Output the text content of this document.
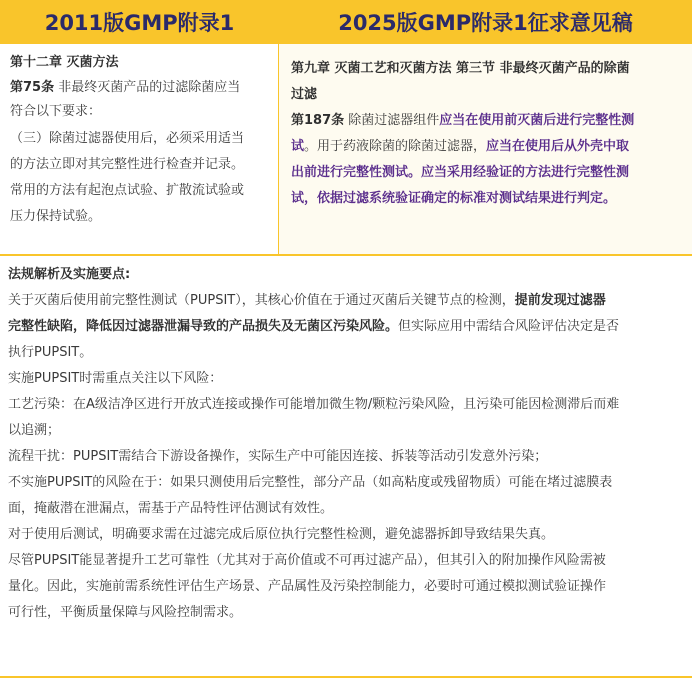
2011版GMP附录1	2025版GMP附录1征求意见稿

第十二章 灭菌方法

第75条 非最终灭菌产品的过滤除菌应当

符合以下要求：

（三）除菌过滤器使用后，必须采用适当

的方法立即对其完整性进行检查并记录。

常用的方法有起泡点试验、扩散流试验或

压力保持试验。

第九章 灭菌工艺和灭菌方法 第三节 非最终灭菌产品的除菌

过滤

第187条 除菌过滤器组件应当在使用前灭菌后进行完整性测

试。用于药液除菌的除菌过滤器，应当在使用后从外壳中取

出前进行完整性测试。应当采用经验证的方法进行完整性测

试，依据过滤系统验证确定的标准对测试结果进行判定。

法规解析及实施要点:

关于灭菌后使用前完整性测试（PUPSIT），其核心价值在于通过灭菌后关键节点的检测，提前发现过滤器

完整性缺陷，降低因过滤器泄漏导致的产品损失及无菌区污染风险。但实际应用中需结合风险评估决定是否

执行PUPSIT。

实施PUPSIT时需重点关注以下风险：

工艺污染：在A级洁净区进行开放式连接或操作可能增加微生物/颗粒污染风险，且污染可能因检测滞后而难

以追溯；

流程干扰：PUPSIT需结合下游设备操作，实际生产中可能因连接、拆装等活动引发意外污染；

不实施PUPSIT的风险在于：如果只测使用后完整性，部分产品（如高粘度或残留物质）可能在堵过滤膜表

面，掩蔽潜在泄漏点，需基于产品特性评估测试有效性。

对于使用后测试，明确要求需在过滤完成后原位执行完整性检测，避免滤器拆卸导致结果失真。

尽管PUPSIT能显著提升工艺可靠性（尤其对于高价值或不可再过滤产品），但其引入的附加操作风险需被

量化。因此，实施前需系统性评估生产场景、产品属性及污染控制能力，必要时可通过模拟测试验证操作

可行性，平衡质量保障与风险控制需求。
